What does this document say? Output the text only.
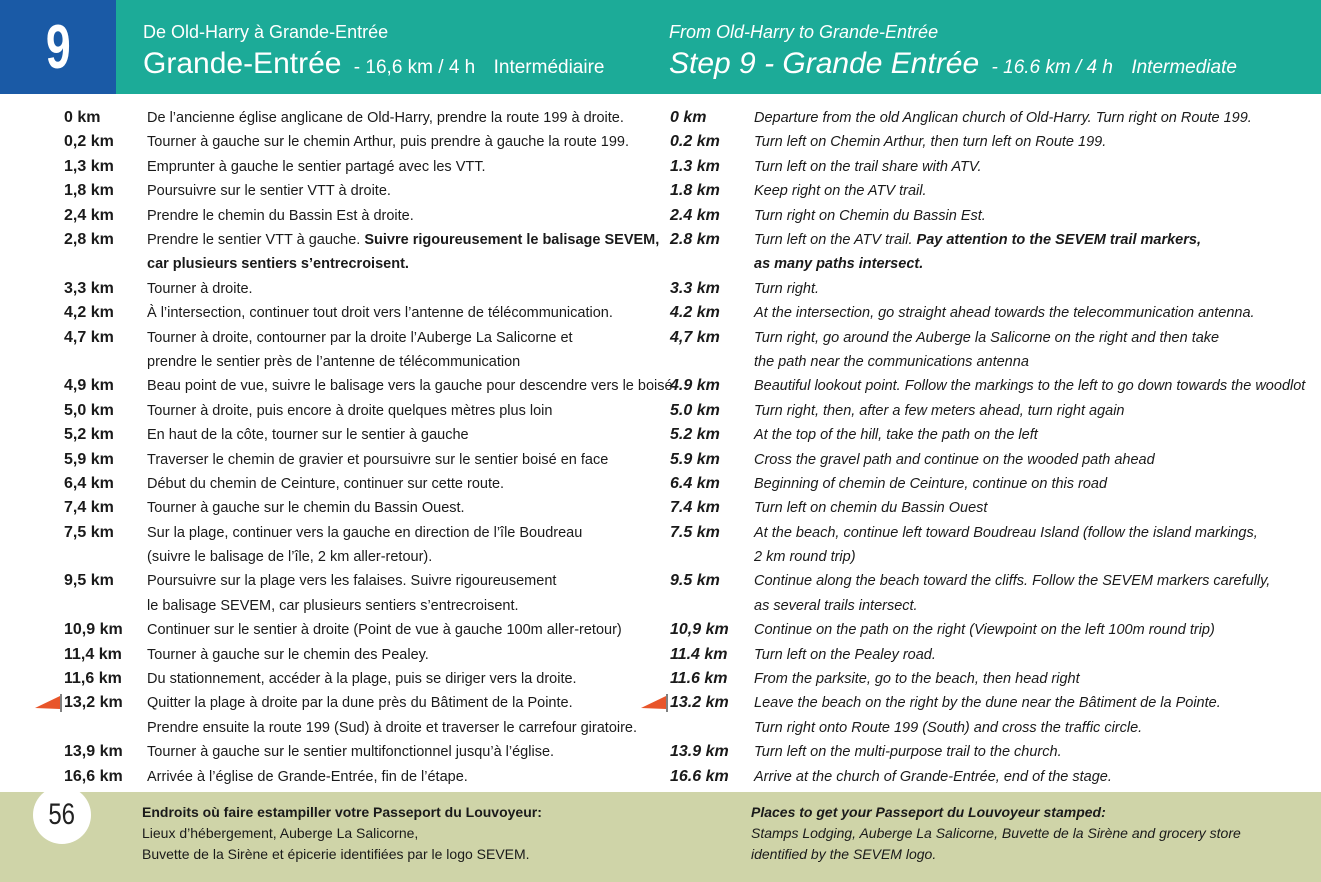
9	De Old-Harry à Grande-Entrée
Grande-Entrée - 16,6 km / 4 h Intermédiaire
From Old-Harry to Grande-Entrée
Step 9 - Grande Entrée - 16.6 km / 4 h Intermediate
0 km	De l’ancienne église anglicane de Old-Harry, prendre la route 199 à droite.
0,2 km Tourner à gauche sur le chemin Arthur, puis prendre à gauche la route 199.
1,3 km Emprunter à gauche le sentier partagé avec les VTT.
1,8 km Poursuivre sur le sentier VTT à droite.
2,4 km Prendre le chemin du Bassin Est à droite.
2,8 km Prendre le sentier VTT à gauche. Suivre rigoureusement le balisage SEVEM,
car plusieurs sentiers s’entrecroisent.
3,3 km Tourner à droite.
4,2 km À l’intersection, continuer tout droit vers l’antenne de télécommunication.
4,7 km Tourner à droite, contourner par la droite l’Auberge La Salicorne et
prendre le sentier près de l’antenne de télécommunication
4,9 km Beau point de vue, suivre le balisage vers la gauche pour descendre vers le boisé
5,0 km Tourner à droite, puis encore à droite quelques mètres plus loin
5,2 km En haut de la côte, tourner sur le sentier à gauche
5,9 km Traverser le chemin de gravier et poursuivre sur le sentier boisé en face
6,4 km Début du chemin de Ceinture, continuer sur cette route.
7,4 km Tourner à gauche sur le chemin du Bassin Ouest.
7,5 km Sur la plage, continuer vers la gauche en direction de l’île Boudreau
(suivre le balisage de l’île, 2 km aller-retour).
9,5 km Poursuivre sur la plage vers les falaises. Suivre rigoureusement
le balisage SEVEM, car plusieurs sentiers s’entrecroisent.
10,9 km Continuer sur le sentier à droite (Point de vue à gauche 100m aller-retour)
11,4 km Tourner à gauche sur le chemin des Pealey.
11,6 km Du stationnement, accéder à la plage, puis se diriger vers la droite.
13,2 km Quitter la plage à droite par la dune près du Bâtiment de la Pointe.
Prendre ensuite la route 199 (Sud) à droite et traverser le carrefour giratoire.
13,9 km Tourner à gauche sur le sentier multifonctionnel jusqu’à l’église.
16,6 km Arrivée à l’église de Grande-Entrée, fin de l’étape.
0 km	Departure from the old Anglican church of Old-Harry. Turn right on Route 199.
0.2 km Turn left on Chemin Arthur, then turn left on Route 199.
1.3 km Turn left on the trail share with ATV.
1.8 km Keep right on the ATV trail.
2.4 km Turn right on Chemin du Bassin Est.
2.8 km Turn left on the ATV trail. Pay attention to the SEVEM trail markers,
as many paths intersect.
3.3 km Turn right.
4.2 km At the intersection, go straight ahead towards the telecommunication antenna.
4,7 km Turn right, go around the Auberge la Salicorne on the right and then take
the path near the communications antenna
4.9 km Beautiful lookout point. Follow the markings to the left to go down towards the woodlot
5.0 km Turn right, then, after a few meters ahead, turn right again
5.2 km At the top of the hill, take the path on the left
5.9 km Cross the gravel path and continue on the wooded path ahead
6.4 km Beginning of chemin de Ceinture, continue on this road
7.4 km Turn left on chemin du Bassin Ouest
7.5 km At the beach, continue left toward Boudreau Island (follow the island markings,
2 km round trip)
9.5 km Continue along the beach toward the cliffs. Follow the SEVEM markers carefully,
as several trails intersect.
10,9 km Continue on the path on the right (Viewpoint on the left 100m round trip)
11.4 km Turn left on the Pealey road.
11.6 km From the parksite, go to the beach, then head right
13.2 km Leave the beach on the right by the dune near the Bâtiment de la Pointe.
Turn right onto Route 199 (South) and cross the traffic circle.
13.9 km Turn left on the multi-purpose trail to the church.
16.6 km Arrive at the church of Grande-Entrée, end of the stage.
56	Endroits où faire estampiller votre Passeport du Louvoyeur:
Lieux d’hébergement, Auberge La Salicorne,
Buvette de la Sirène et épicerie identifiées par le logo SEVEM.
Places to get your Passeport du Louvoyeur stamped:
Stamps Lodging, Auberge La Salicorne, Buvette de la Sirène and grocery store
identified by the SEVEM logo.
